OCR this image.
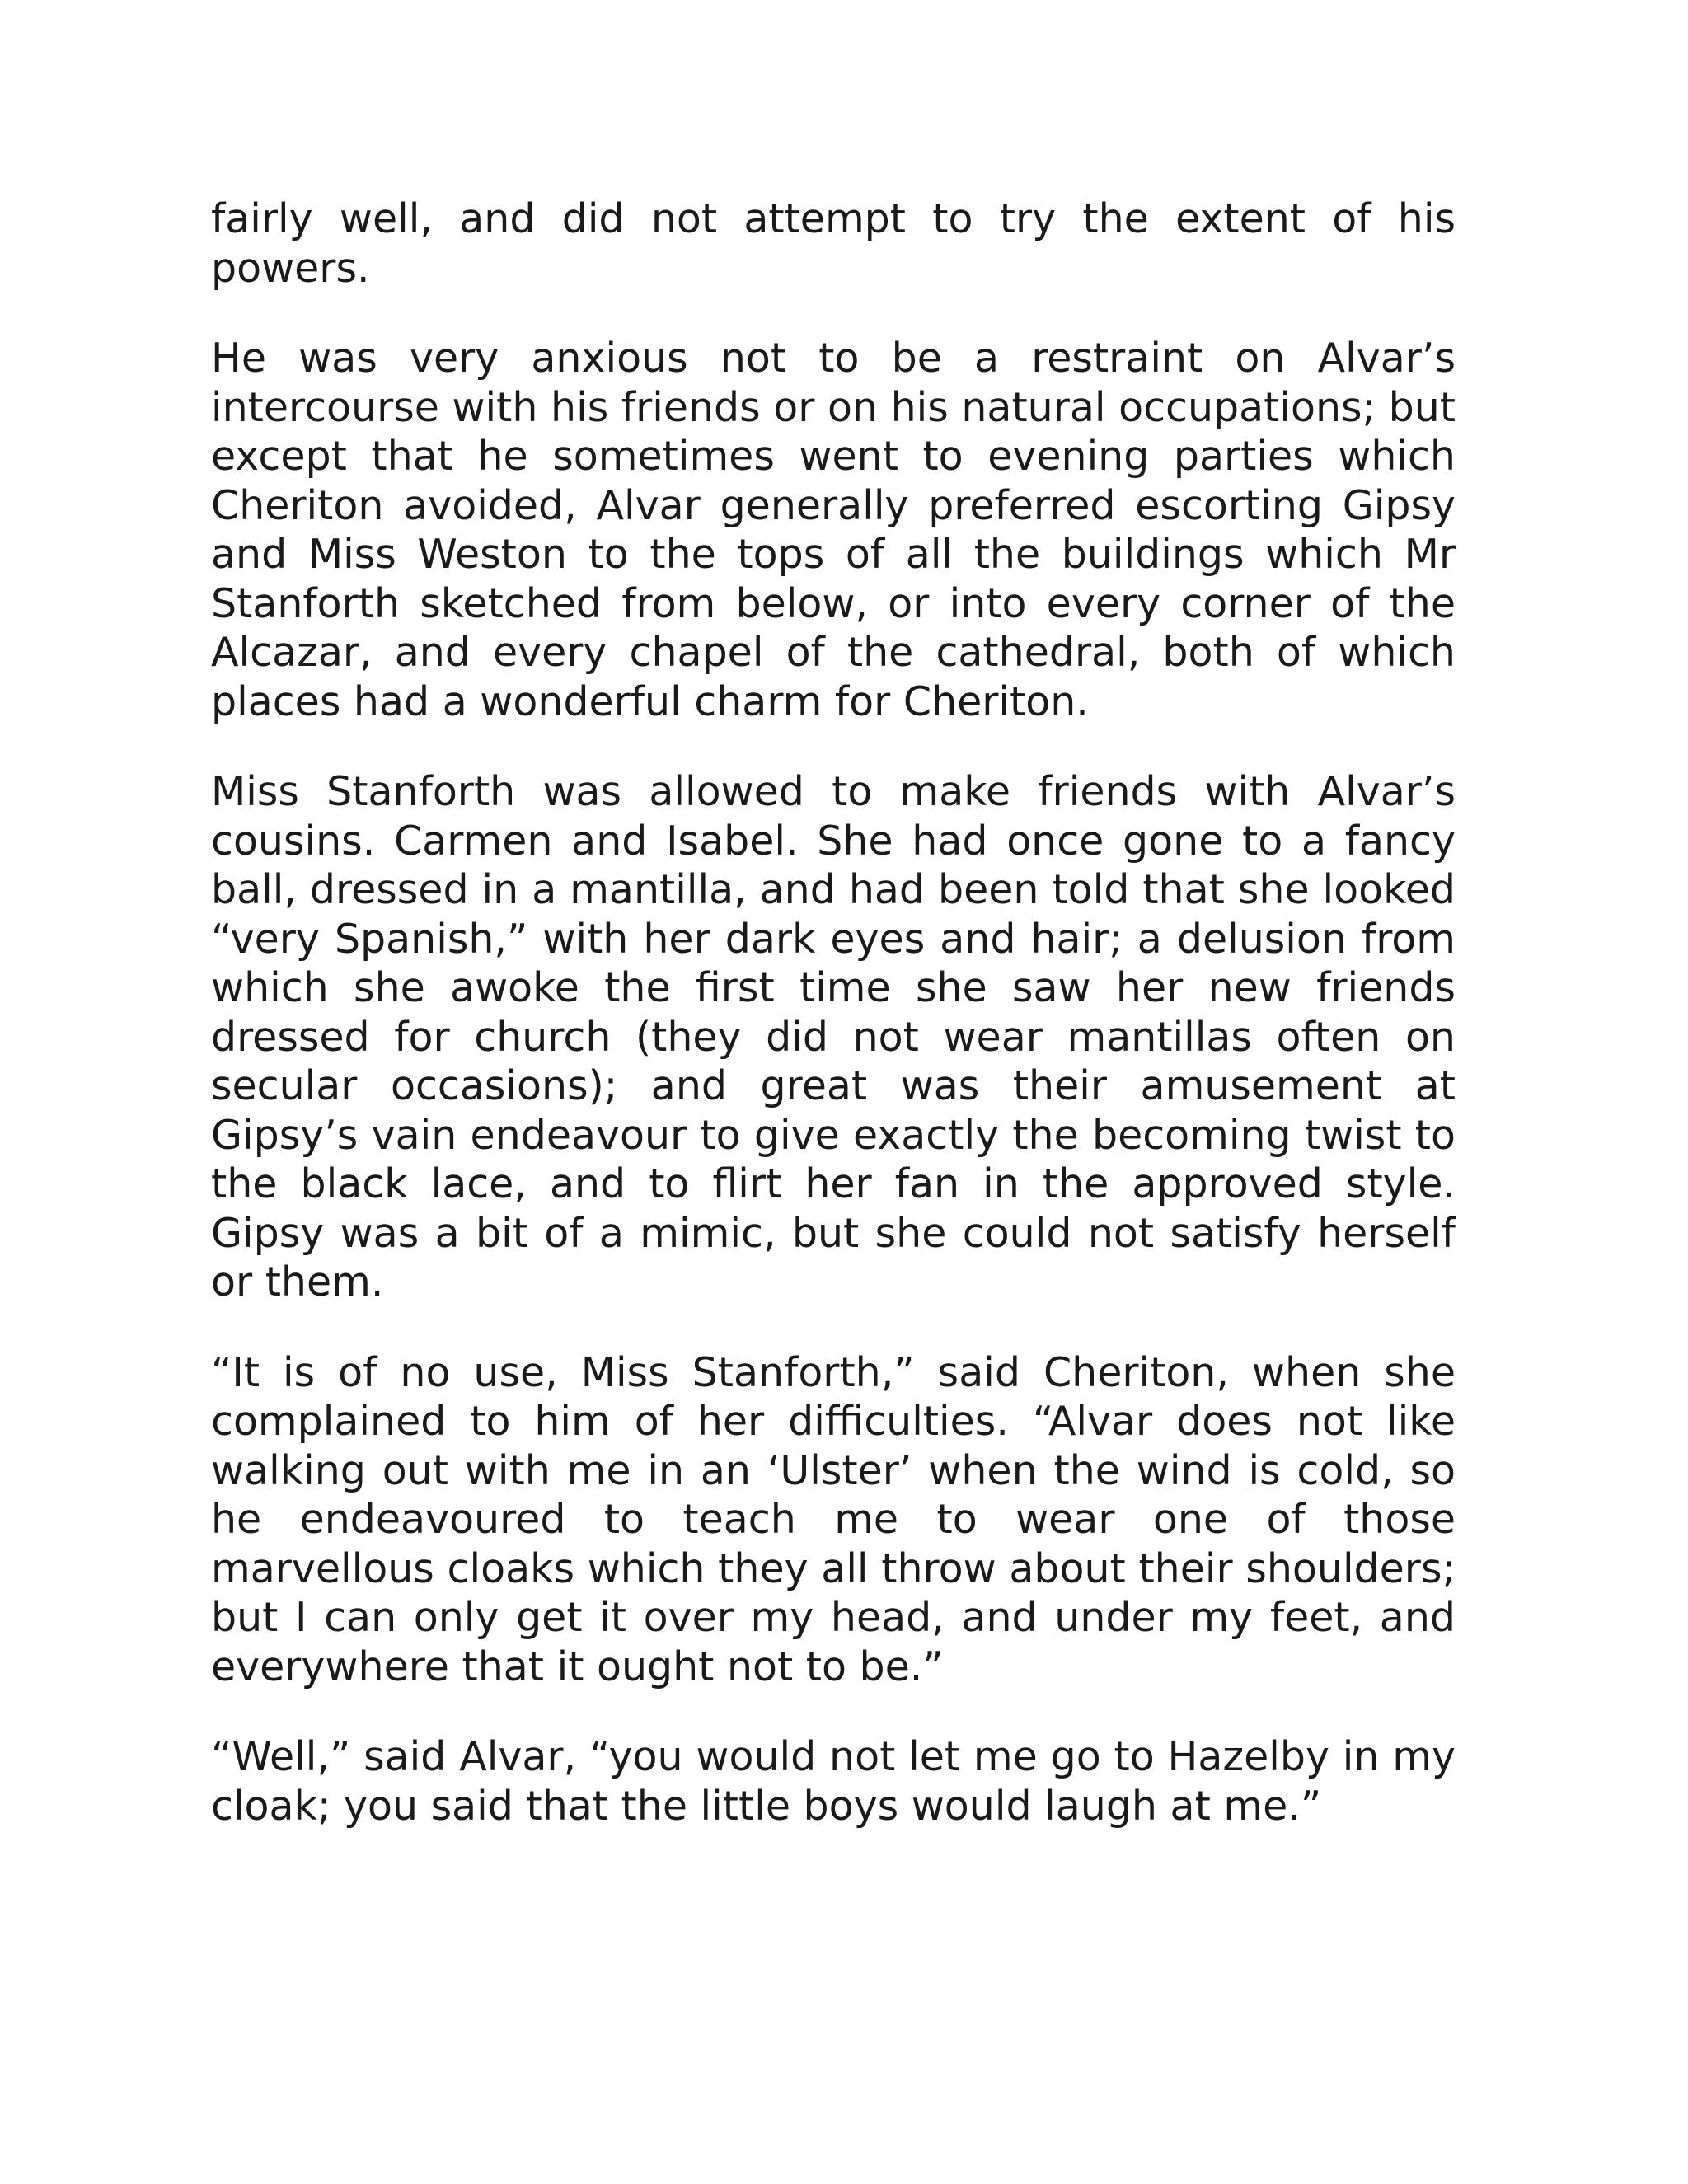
fairly well, and did not attempt to try the extent of his powers.

He was very anxious not to be a restraint on Alvar’s intercourse with his friends or on his natural occupations; but except that he sometimes went to evening parties which Cheriton avoided, Alvar generally preferred escorting Gipsy and Miss Weston to the tops of all the buildings which Mr Stanforth sketched from below, or into every corner of the Alcazar, and every chapel of the cathedral, both of which places had a wonderful charm for Cheriton.

Miss Stanforth was allowed to make friends with Alvar’s cousins. Carmen and Isabel. She had once gone to a fancy ball, dressed in a mantilla, and had been told that she looked “very Spanish,” with her dark eyes and hair; a delusion from which she awoke the first time she saw her new friends dressed for church (they did not wear mantillas often on secular occasions); and great was their amusement at Gipsy’s vain endeavour to give exactly the becoming twist to the black lace, and to flirt her fan in the approved style. Gipsy was a bit of a mimic, but she could not satisfy herself or them.

“It is of no use, Miss Stanforth,” said Cheriton, when she complained to him of her difficulties. “Alvar does not like walking out with me in an ‘Ulster’ when the wind is cold, so he endeavoured to teach me to wear one of those marvellous cloaks which they all throw about their shoulders; but I can only get it over my head, and under my feet, and everywhere that it ought not to be.”

“Well,” said Alvar, “you would not let me go to Hazelby in my cloak; you said that the little boys would laugh at me.”
